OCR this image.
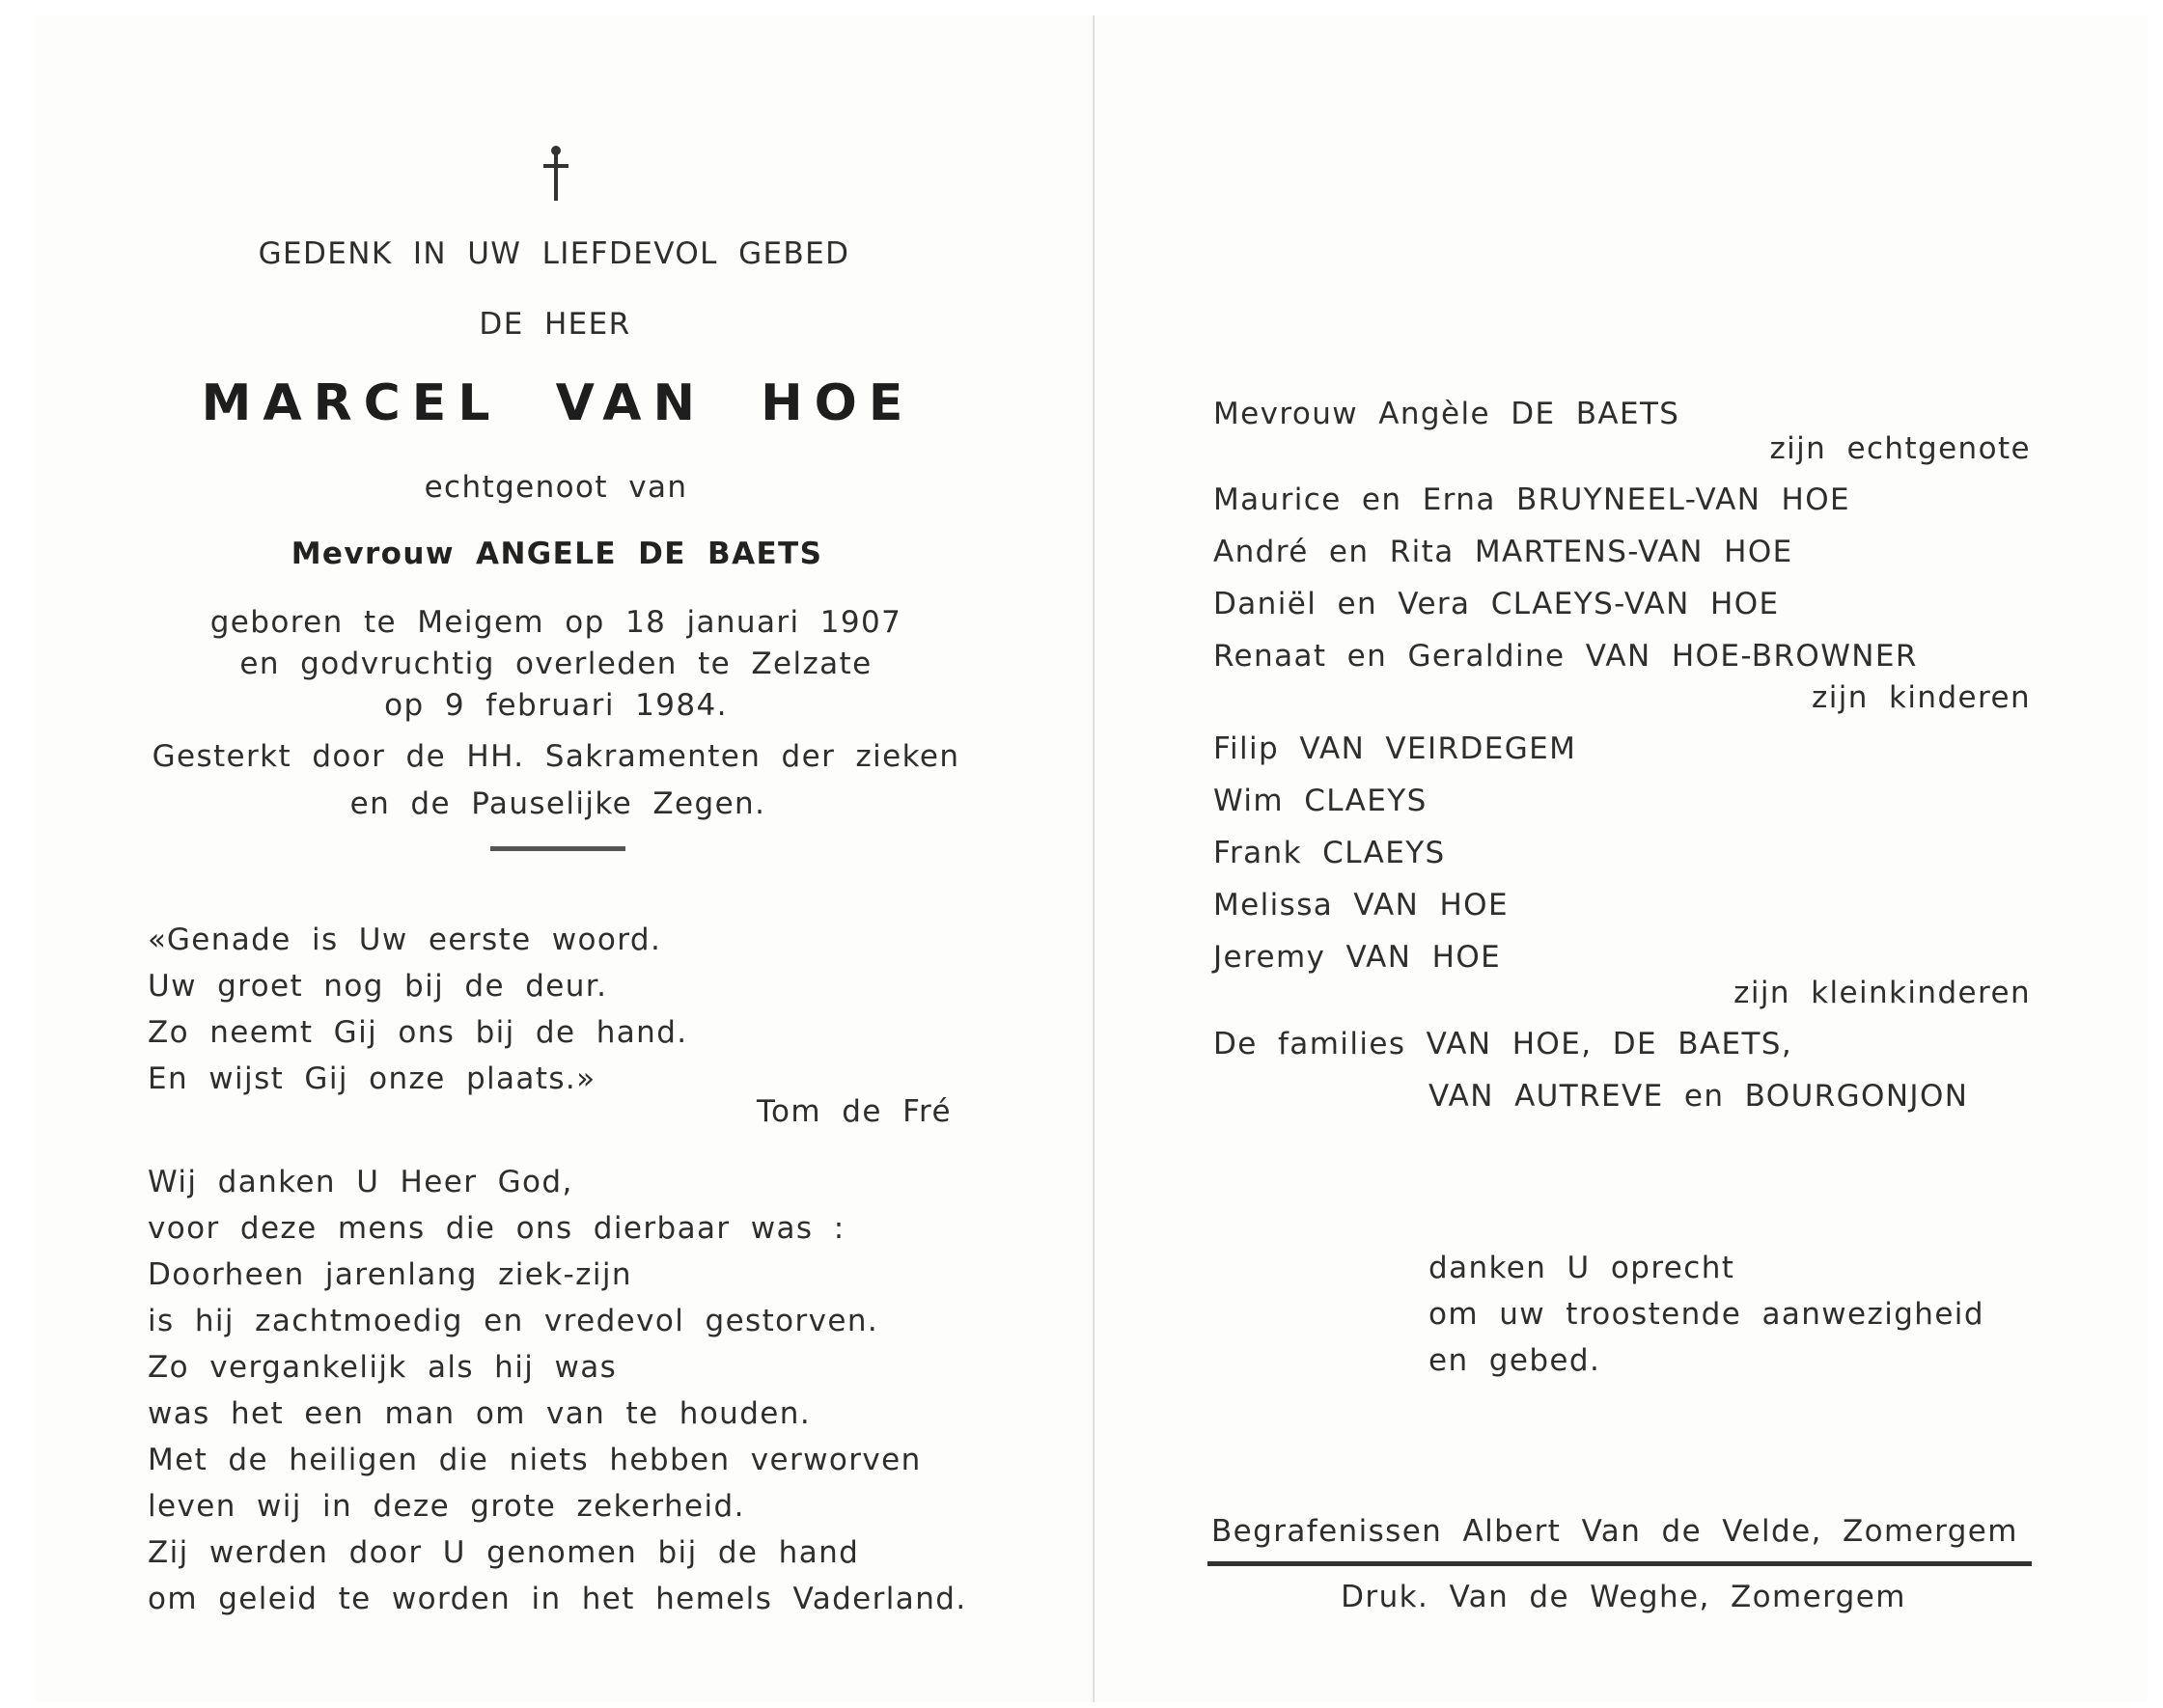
GEDENK IN UW LIEFDEVOL GEBED
DE HEER
MARCEL VAN HOE
echtgenoot van
Mevrouw ANGELE DE BAETS
geboren te Meigem op 18 januari 1907
en godvruchtig overleden te Zelzate
op 9 februari 1984.
Gesterkt door de HH. Sakramenten der zieken
en de Pauselijke Zegen.
«Genade is Uw eerste woord.
Uw groet nog bij de deur.
Zo neemt Gij ons bij de hand.
En wijst Gij onze plaats.»
Tom de Fré
Wij danken U Heer God,
voor deze mens die ons dierbaar was :
Doorheen jarenlang ziek-zijn
is hij zachtmoedig en vredevol gestorven.
Zo vergankelijk als hij was
was het een man om van te houden.
Met de heiligen die niets hebben verworven
leven wij in deze grote zekerheid.
Zij werden door U genomen bij de hand
om geleid te worden in het hemels Vaderland.
Mevrouw Angèle DE BAETS
zijn echtgenote
Maurice en Erna BRUYNEEL-VAN HOE
André en Rita MARTENS-VAN HOE
Daniël en Vera CLAEYS-VAN HOE
Renaat en Geraldine VAN HOE-BROWNER
zijn kinderen
Filip VAN VEIRDEGEM
Wim CLAEYS
Frank CLAEYS
Melissa VAN HOE
Jeremy VAN HOE
zijn kleinkinderen
De families VAN HOE, DE BAETS,
VAN AUTREVE en BOURGONJON
danken U oprecht
om uw troostende aanwezigheid
en gebed.
Begrafenissen Albert Van de Velde, Zomergem
Druk. Van de Weghe, Zomergem
